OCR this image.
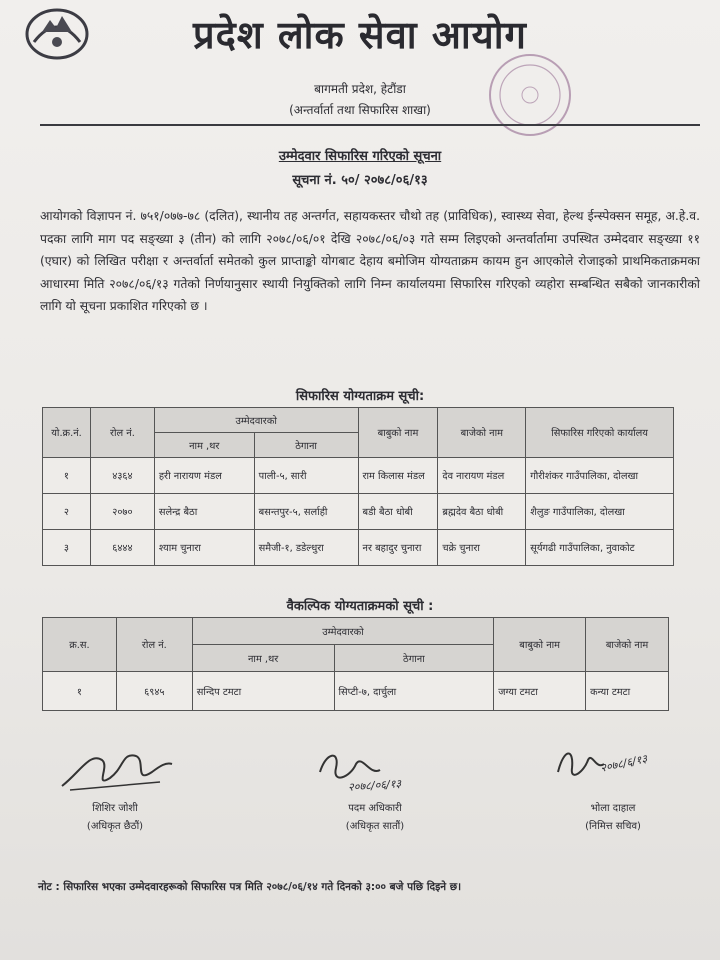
प्रदेश लोक सेवा आयोग
बागमती प्रदेश, हेटौंडा
(अन्तर्वार्ता तथा सिफारिस शाखा)
उम्मेदवार सिफारिस गरिएको सूचना
सूचना नं. ५०/ २०७८/०६/१३
आयोगको विज्ञापन नं. ७५१/०७७-७८ (दलित), स्थानीय तह अन्तर्गत, सहायकस्तर चौथो तह (प्राविधिक), स्वास्थ्य सेवा, हेल्थ ईन्स्पेक्सन समूह, अ.हे.व. पदका लागि माग पद सङ्ख्या ३ (तीन) को लागि २०७८/०६/०१ देखि २०७८/०६/०३ गते सम्म लिइएको अन्तर्वार्तामा उपस्थित उम्मेदवार सङ्ख्या ११ (एघार) को लिखित परीक्षा र अन्तर्वार्ता समेतको कुल प्राप्ताङ्को योगबाट देहाय बमोजिम योग्यताक्रम कायम हुन आएकोले रोजाइको प्राथमिकताक्रमका आधारमा मिति २०७८/०६/१३ गतेको निर्णयानुसार स्थायी नियुक्तिको लागि निम्न कार्यालयमा सिफारिस गरिएको व्यहोरा सम्बन्धित सबैको जानकारीको लागि यो सूचना प्रकाशित गरिएको छ ।
सिफारिस योग्यताक्रम सूची:
यो.क्र.नं.	रोल नं.	उम्मेदवारको		बाबुको नाम	बाजेको नाम	सिफारिस गरिएको कार्यालय
		नाम ,थर	ठेगाना			
१	४३६४	हरी नारायण मंडल	पाली-५, सारी	राम किलास मंडल	देव नारायण मंडल	गौरीशंकर गाउँपालिका, दोलखा
२	२०७०	सलेन्द्र बैठा	बसन्तपुर-५, सर्लाही	बडी बैठा धोबी	ब्रह्मदेव बैठा धोबी	शैलुङ गाउँपालिका, दोलखा
३	६४४४	श्याम चुनारा	समैजी-१, डडेल्धुरा	नर बहादुर चुनारा	चक्रे चुनारा	सूर्यगढी गाउँपालिका, नुवाकोट
वैकल्पिक योग्यताक्रमको सूची :
क्र.स.	रोल नं.	उम्मेदवारको		बाबुको नाम	बाजेको नाम
		नाम ,थर	ठेगाना		
१	६९४५	सन्दिप टमटा	सिप्टी-७, दार्चुला	जग्या टमटा	कन्या टमटा
शिशिर जोशी
(अधिकृत छैठौं)
२०७८/०६/१३
पदम अधिकारी
(अधिकृत सातौं)
२०७८/६/१३
भोला दाहाल
(निमित्त सचिव)
नोट : सिफारिस भएका उम्मेदवारहरूको सिफारिस पत्र मिति २०७८/०६/१४ गते दिनको ३:०० बजे पछि दिइने छ।
